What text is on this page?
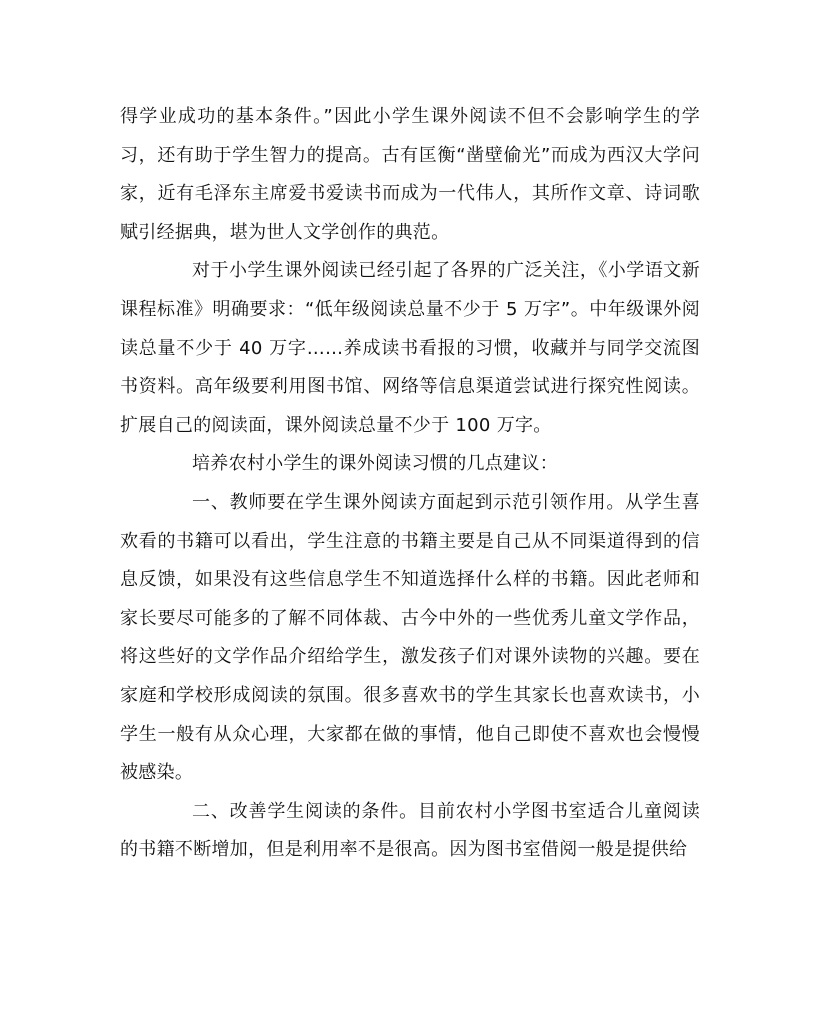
得学业成功的基本条件。”因此小学生课外阅读不但不会影响学生的学习，还有助于学生智力的提高。古有匡衡“凿壁偷光”而成为西汉大学问家，近有毛泽东主席爱书爱读书而成为一代伟人，其所作文章、诗词歌赋引经据典，堪为世人文学创作的典范。

对于小学生课外阅读已经引起了各界的广泛关注，《小学语文新课程标准》明确要求：“低年级阅读总量不少于 5 万字”。中年级课外阅读总量不少于 40 万字……养成读书看报的习惯，收藏并与同学交流图书资料。高年级要利用图书馆、网络等信息渠道尝试进行探究性阅读。扩展自己的阅读面，课外阅读总量不少于 100 万字。

培养农村小学生的课外阅读习惯的几点建议：

一、教师要在学生课外阅读方面起到示范引领作用。从学生喜欢看的书籍可以看出，学生注意的书籍主要是自己从不同渠道得到的信息反馈，如果没有这些信息学生不知道选择什么样的书籍。因此老师和家长要尽可能多的了解不同体裁、古今中外的一些优秀儿童文学作品，将这些好的文学作品介绍给学生，激发孩子们对课外读物的兴趣。要在家庭和学校形成阅读的氛围。很多喜欢书的学生其家长也喜欢读书，小学生一般有从众心理，大家都在做的事情，他自己即使不喜欢也会慢慢被感染。

二、改善学生阅读的条件。目前农村小学图书室适合儿童阅读的书籍不断增加，但是利用率不是很高。因为图书室借阅一般是提供给
